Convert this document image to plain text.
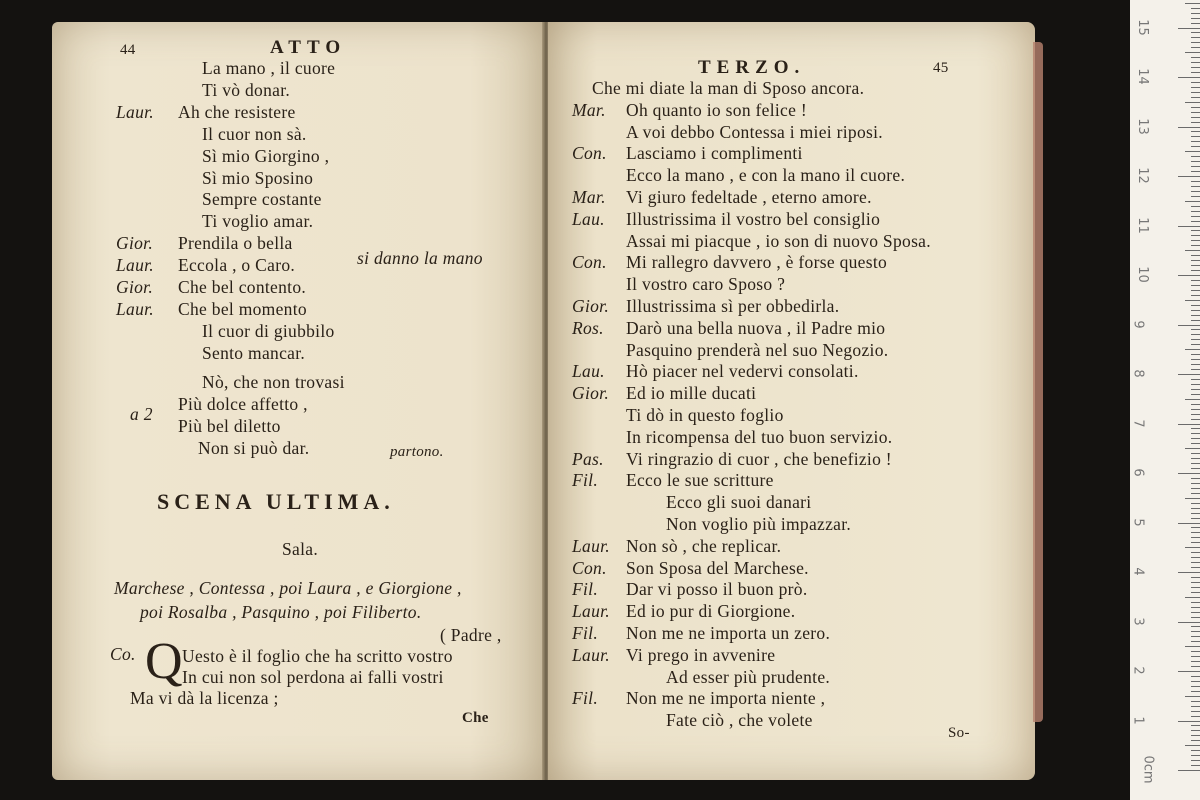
44	ATTO
si danno la mano
a 2
Nò, che non trovasi
Più dolce affetto ,
Più bel diletto
Non si può dar.	partono.
SCENA ULTIMA.
Sala.
Marchese , Contessa , poi Laura , e Giorgione ,
poi Rosalba , Pasquino , poi Filiberto.
( Padre ,
Co. Q Uesto è il foglio che ha scritto vostro
In cui non sol perdona ai falli vostri
Ma vi dà la licenza ;
Che
La mano , il cuore
Ti vò donar.
Laur. Ah che resistere
Il cuor non sà.
Sì mio Giorgino ,
Sì mio Sposino
Sempre costante
Ti voglio amar.
Gior. Prendila o bella
Laur. Eccola , o Caro.
Gior. Che bel contento.
Laur. Che bel momento
Il cuor di giubbilo
Sento mancar.
TERZO.	45
So-
Che mi diate la man di Sposo ancora.
Mar. Oh quanto io son felice !
A voi debbo Contessa i miei riposi.
Con. Lasciamo i complimenti
Ecco la mano , e con la mano il cuore.
Mar. Vi giuro fedeltade , eterno amore.
Lau. Illustrissima il vostro bel consiglio
Assai mi piacque , io son di nuovo Sposa.
Con. Mi rallegro davvero , è forse questo
Il vostro caro Sposo ?
Gior. Illustrissima sì per obbedirla.
Ros. Darò una bella nuova , il Padre mio
Pasquino prenderà nel suo Negozio.
Lau. Hò piacer nel vedervi consolati.
Gior. Ed io mille ducati
Ti dò in questo foglio
In ricompensa del tuo buon servizio.
Pas. Vi ringrazio di cuor , che benefizio !
Fil. Ecco le sue scritture
Ecco gli suoi danari
Non voglio più impazzar.
Laur. Non sò , che replicar.
Con. Son Sposa del Marchese.
Fil. Dar vi posso il buon prò.
Laur. Ed io pur di Giorgione.
Fil. Non me ne importa un zero.
Laur. Vi prego in avvenire
Ad esser più prudente.
Fil. Non me ne importa niente ,
Fate ciò , che volete
0cm
1
2
3
4
5
6
7
8
9
10
11
12
13
14
15
